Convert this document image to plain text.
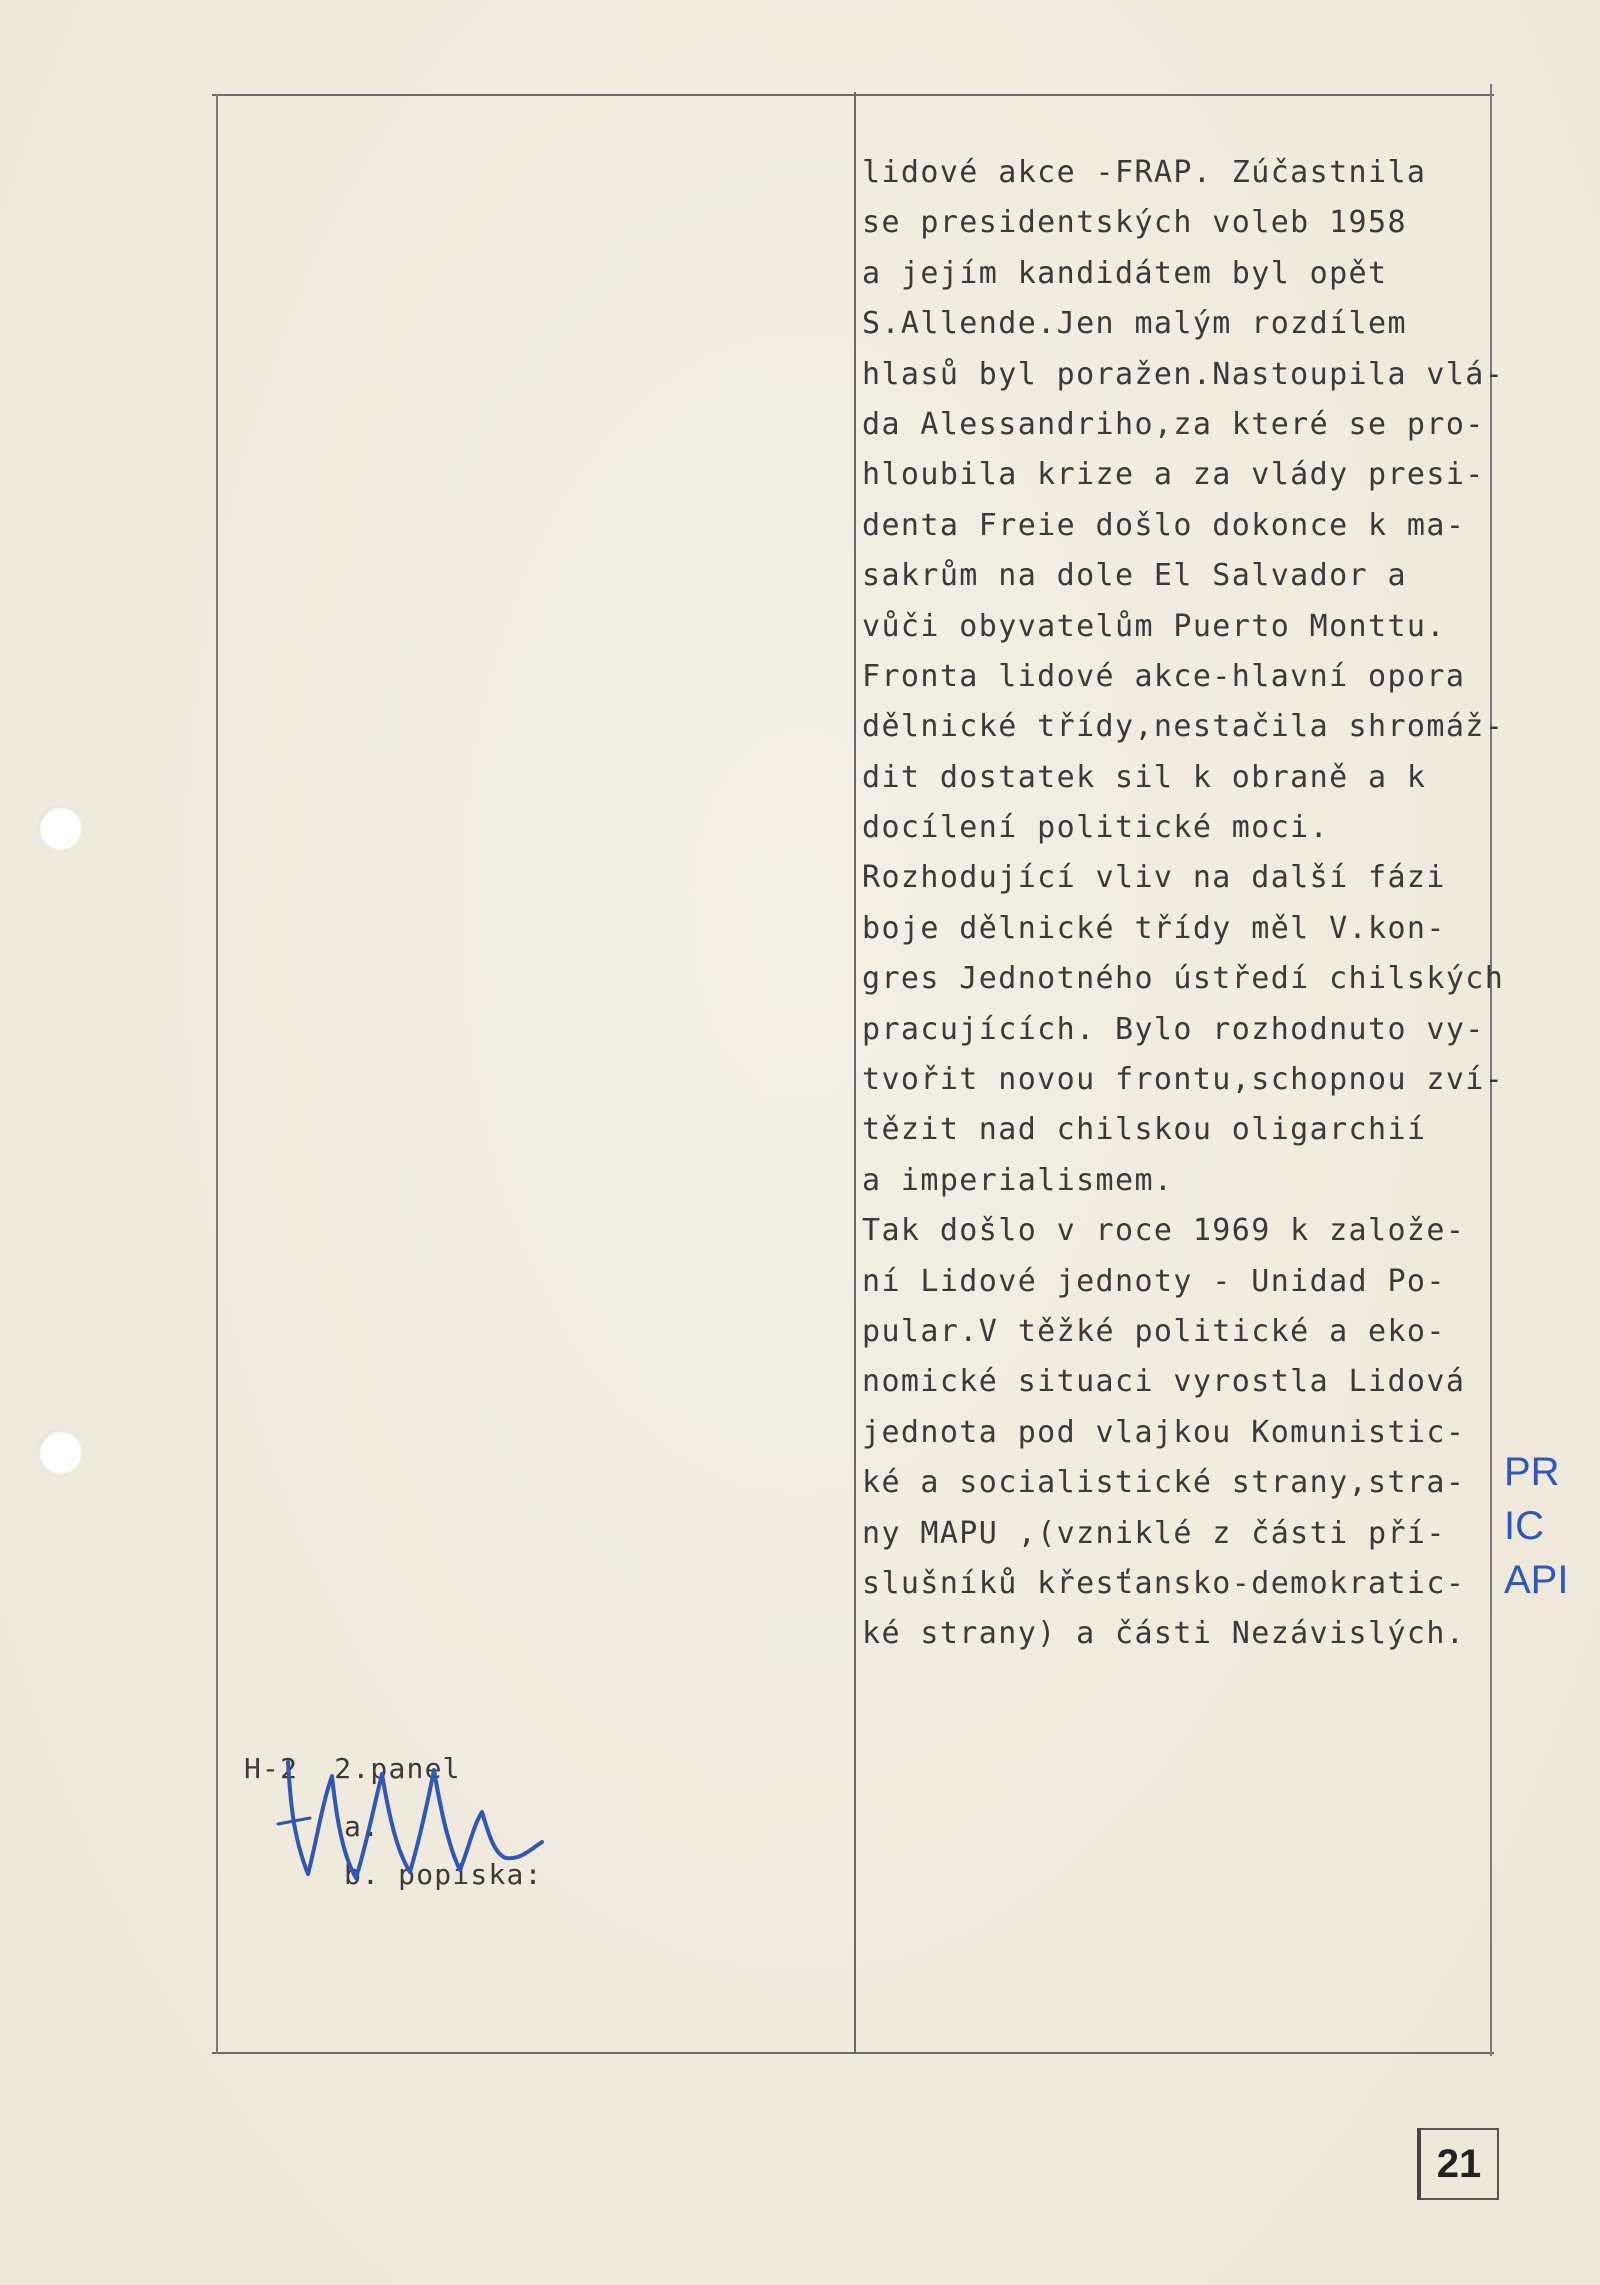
lidové akce -FRAP. Zúčastnila
se presidentských voleb 1958
a jejím kandidátem byl opět
S.Allende.Jen malým rozdílem
hlasů byl poražen.Nastoupila vlá-
da Alessandriho,za které se pro-
hloubila krize a za vlády presi-
denta Freie došlo dokonce k ma-
sakrům na dole El Salvador a
vůči obyvatelům Puerto Monttu.
Fronta lidové akce-hlavní opora
dělnické třídy,nestačila shromáž-
dit dostatek sil k obraně a k
docílení politické moci.
Rozhodující vliv na další fázi
boje dělnické třídy měl V.kon-
gres Jednotného ústředí chilských
pracujících. Bylo rozhodnuto vy-
tvořit novou frontu,schopnou zví-
tězit nad chilskou oligarchií
a imperialismem.
Tak došlo v roce 1969 k založe-
ní Lidové jednoty - Unidad Po-
pular.V těžké politické a eko-
nomické situaci vyrostla Lidová
jednota pod vlajkou Komunistic-
ké a socialistické strany,stra-
ny MAPU ,(vzniklé z části pří-
slušníků křesťansko-demokratic-
ké strany) a části Nezávislých.
PR
IC
API
H-2  2.panel
a.
b. popiska:
21
